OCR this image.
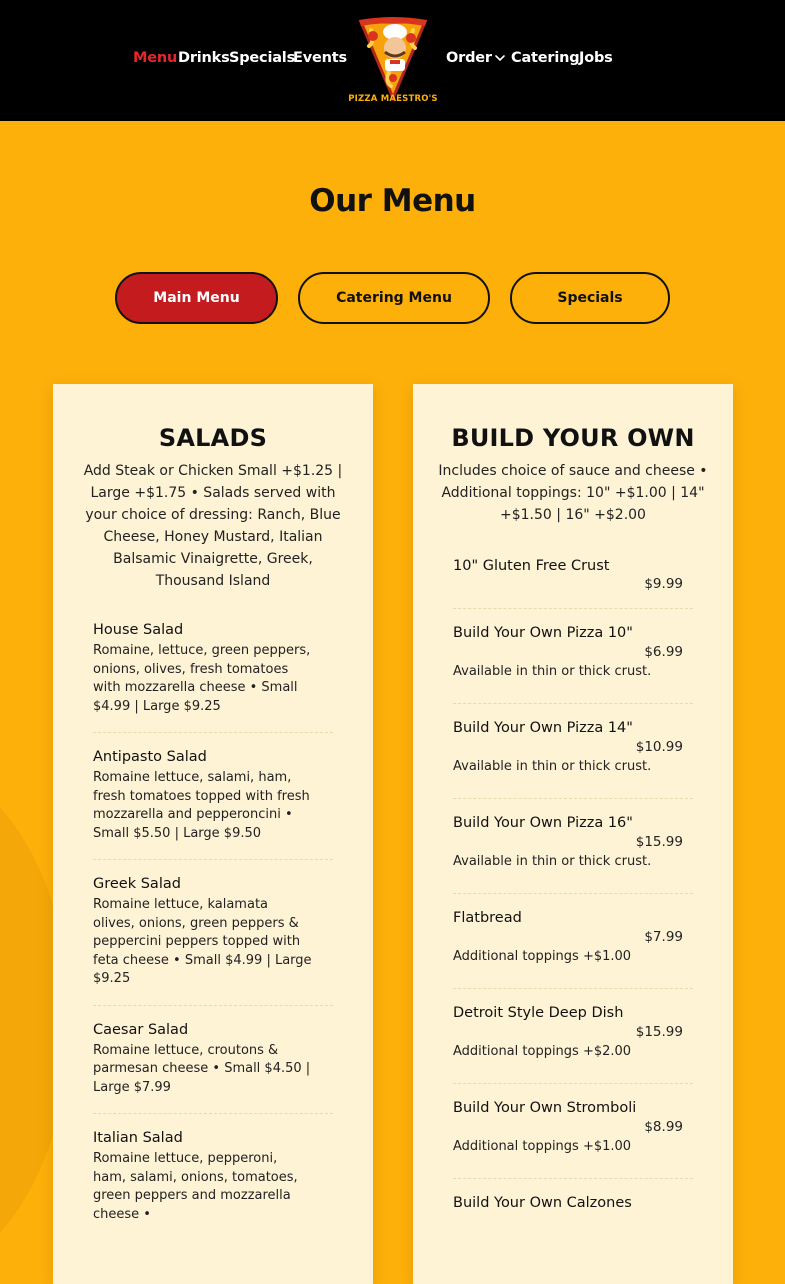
Menu Drinks Specials
Events
PIZZA MAESTRO'S
Order Catering Jobs
Our Menu
Main Menu	Catering Menu	Specials
SALADS

Add Steak or Chicken Small +$1.25 | Large +$1.75 • Salads served with your choice of dressing: Ranch, Blue Cheese, Honey Mustard, Italian Balsamic Vinaigrette, Greek, Thousand Island

House Salad
Romaine, lettuce, green peppers, onions, olives, fresh tomatoes with mozzarella cheese • Small $4.99 | Large $9.25
Antipasto Salad
Romaine lettuce, salami, ham, fresh tomatoes topped with fresh mozzarella and pepperoncini • Small $5.50 | Large $9.50
Greek Salad
Romaine lettuce, kalamata olives, onions, green peppers & peppercini peppers topped with feta cheese • Small $4.99 | Large $9.25
Caesar Salad
Romaine lettuce, croutons & parmesan cheese • Small $4.50 | Large $7.99
Italian Salad
Romaine lettuce, pepperoni, ham, salami, onions, tomatoes, green peppers and mozzarella cheese •
BUILD YOUR OWN

Includes choice of sauce and cheese • Additional toppings: 10" +$1.00 | 14" +$1.50 | 16" +$2.00

10" Gluten Free Crust
$9.99
Build Your Own Pizza 10"
$6.99
Available in thin or thick crust.
Build Your Own Pizza 14"
$10.99
Available in thin or thick crust.
Build Your Own Pizza 16"
$15.99
Available in thin or thick crust.
Flatbread
$7.99
Additional toppings +$1.00
Detroit Style Deep Dish
$15.99
Additional toppings +$2.00
Build Your Own Stromboli
$8.99
Additional toppings +$1.00
Build Your Own Calzones
